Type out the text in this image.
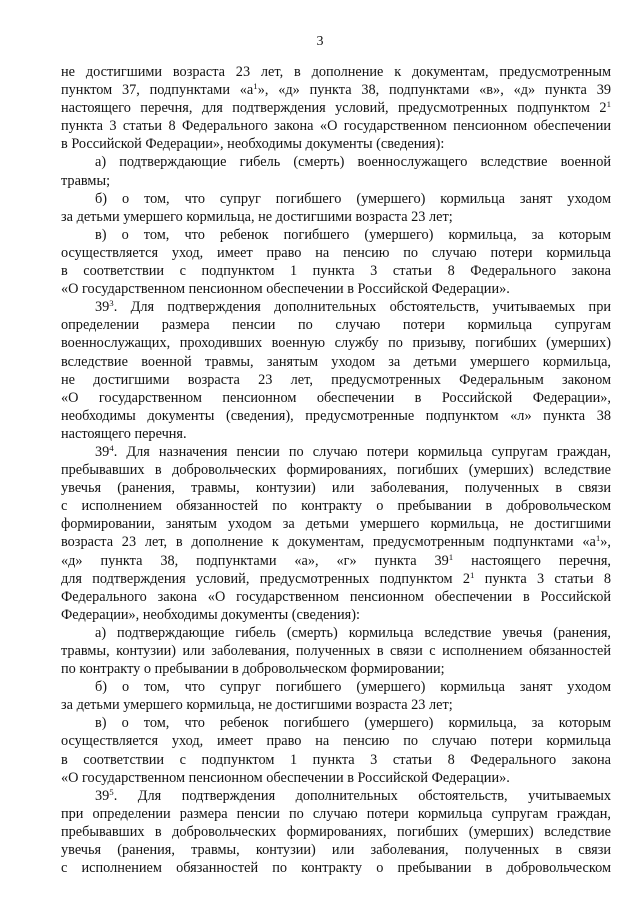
3
не достигшими возраста 23 лет, в дополнение к документам, предусмотренным
пунктом 37, подпунктами «$а^1$», «д» пункта 38, подпунктами «в», «д» пункта 39
настоящего перечня, для подтверждения условий, предусмотренных подпунктом $2^1$
пункта 3 статьи 8 Федерального закона «О государственном пенсионном обеспечении
в Российской Федерации», необходимы документы (сведения):
а) подтверждающие гибель (смерть) военнослужащего вследствие военной
травмы;
б) о том, что супруг погибшего (умершего) кормильца занят уходом
за детьми умершего кормильца, не достигшими возраста 23 лет;
в) о том, что ребенок погибшего (умершего) кормильца, за которым
осуществляется уход, имеет право на пенсию по случаю потери кормильца
в соответствии с подпунктом 1 пункта 3 статьи 8 Федерального закона
«О государственном пенсионном обеспечении в Российской Федерации».
$39^3$. Для подтверждения дополнительных обстоятельств, учитываемых при
определении размера пенсии по случаю потери кормильца супругам
военнослужащих, проходивших военную службу по призыву, погибших (умерших)
вследствие военной травмы, занятым уходом за детьми умершего кормильца,
не достигшими возраста 23 лет, предусмотренных Федеральным законом
«О государственном пенсионном обеспечении в Российской Федерации»,
необходимы документы (сведения), предусмотренные подпунктом «л» пункта 38
настоящего перечня.
$39^4$. Для назначения пенсии по случаю потери кормильца супругам граждан,
пребывавших в добровольческих формированиях, погибших (умерших) вследствие
увечья (ранения, травмы, контузии) или заболевания, полученных в связи
с исполнением обязанностей по контракту о пребывании в добровольческом
формировании, занятым уходом за детьми умершего кормильца, не достигшими
возраста 23 лет, в дополнение к документам, предусмотренным подпунктами «$а^1$»,
«д» пункта 38, подпунктами «а», «г» пункта $39^1$ настоящего перечня,
для подтверждения условий, предусмотренных подпунктом $2^1$ пункта 3 статьи 8
Федерального закона «О государственном пенсионном обеспечении в Российской
Федерации», необходимы документы (сведения):
а) подтверждающие гибель (смерть) кормильца вследствие увечья (ранения,
травмы, контузии) или заболевания, полученных в связи с исполнением обязанностей
по контракту о пребывании в добровольческом формировании;
б) о том, что супруг погибшего (умершего) кормильца занят уходом
за детьми умершего кормильца, не достигшими возраста 23 лет;
в) о том, что ребенок погибшего (умершего) кормильца, за которым
осуществляется уход, имеет право на пенсию по случаю потери кормильца
в соответствии с подпунктом 1 пункта 3 статьи 8 Федерального закона
«О государственном пенсионном обеспечении в Российской Федерации».
$39^5$. Для подтверждения дополнительных обстоятельств, учитываемых
при определении размера пенсии по случаю потери кормильца супругам граждан,
пребывавших в добровольческих формированиях, погибших (умерших) вследствие
увечья (ранения, травмы, контузии) или заболевания, полученных в связи
с исполнением обязанностей по контракту о пребывании в добровольческом
